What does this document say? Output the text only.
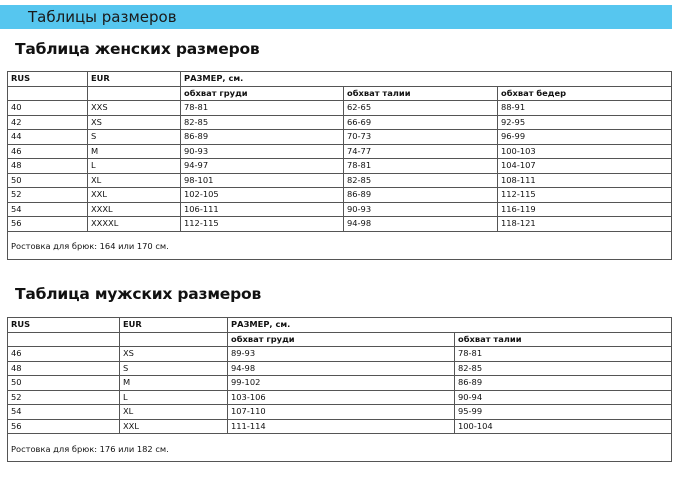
Таблицы размеров
Таблица женских размеров
RUS	EUR	РАЗМЕР, см.		
		обхват груди	обхват талии	обхват бедер
40	XXS	78-81	62-65	88-91
42	XS	82-85	66-69	92-95
44	S	86-89	70-73	96-99
46	M	90-93	74-77	100-103
48	L	94-97	78-81	104-107
50	XL	98-101	82-85	108-111
52	XXL	102-105	86-89	112-115
54	XXXL	106-111	90-93	116-119
56	XXXXL	112-115	94-98	118-121
Ростовка для брюк: 164 или 170 см.				
Таблица мужских размеров
RUS	EUR	РАЗМЕР, см.	
		обхват груди	обхват талии
46	XS	89-93	78-81
48	S	94-98	82-85
50	M	99-102	86-89
52	L	103-106	90-94
54	XL	107-110	95-99
56	XXL	111-114	100-104
Ростовка для брюк: 176 или 182 см.			
